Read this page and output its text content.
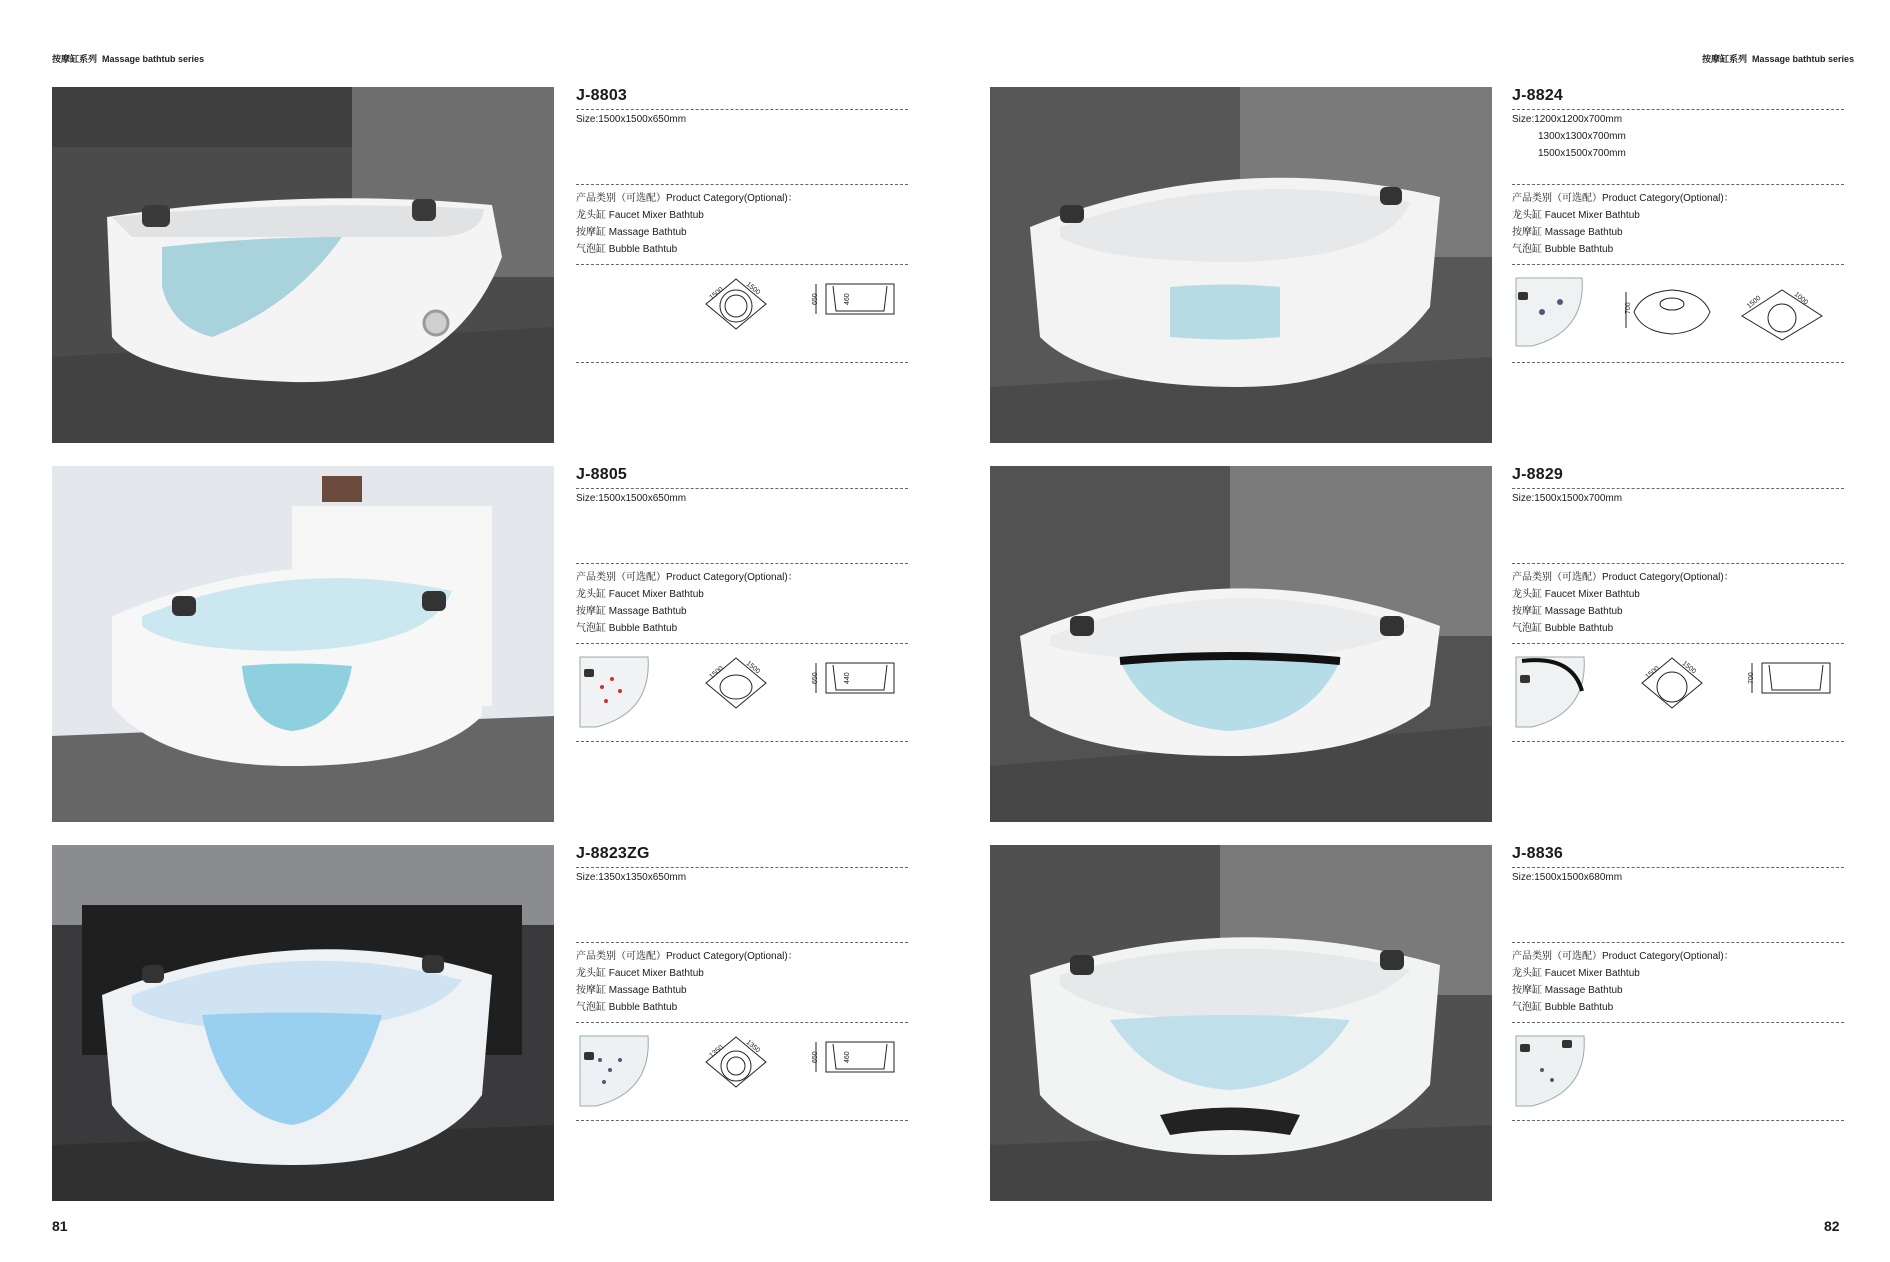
按摩缸系列 Massage bathtub series	按摩缸系列 Massage bathtub series
J-8803
Size:1500x1500x650mm
产品类别（可选配）Product Category(Optional)：
龙头缸 Faucet Mixer Bathtub
按摩缸 Massage Bathtub
气泡缸 Bubble Bathtub
1500	1500
650	460
J-8824
Size:1200x1200x700mm
1300x1300x700mm
1500x1500x700mm
产品类别（可选配）Product Category(Optional)：
龙头缸 Faucet Mixer Bathtub
按摩缸 Massage Bathtub
气泡缸 Bubble Bathtub
700	1500	1000
J-8805
Size:1500x1500x650mm
产品类别（可选配）Product Category(Optional)：
龙头缸 Faucet Mixer Bathtub
按摩缸 Massage Bathtub
气泡缸 Bubble Bathtub
1500	1500
650	440
J-8829
Size:1500x1500x700mm
产品类别（可选配）Product Category(Optional)：
龙头缸 Faucet Mixer Bathtub
按摩缸 Massage Bathtub
气泡缸 Bubble Bathtub
1500	1500
700
J-8823ZG
Size:1350x1350x650mm
产品类别（可选配）Product Category(Optional)：
龙头缸 Faucet Mixer Bathtub
按摩缸 Massage Bathtub
气泡缸 Bubble Bathtub
1350	1350
650	460
J-8836
Size:1500x1500x680mm
产品类别（可选配）Product Category(Optional)：
龙头缸 Faucet Mixer Bathtub
按摩缸 Massage Bathtub
气泡缸 Bubble Bathtub
81	82
